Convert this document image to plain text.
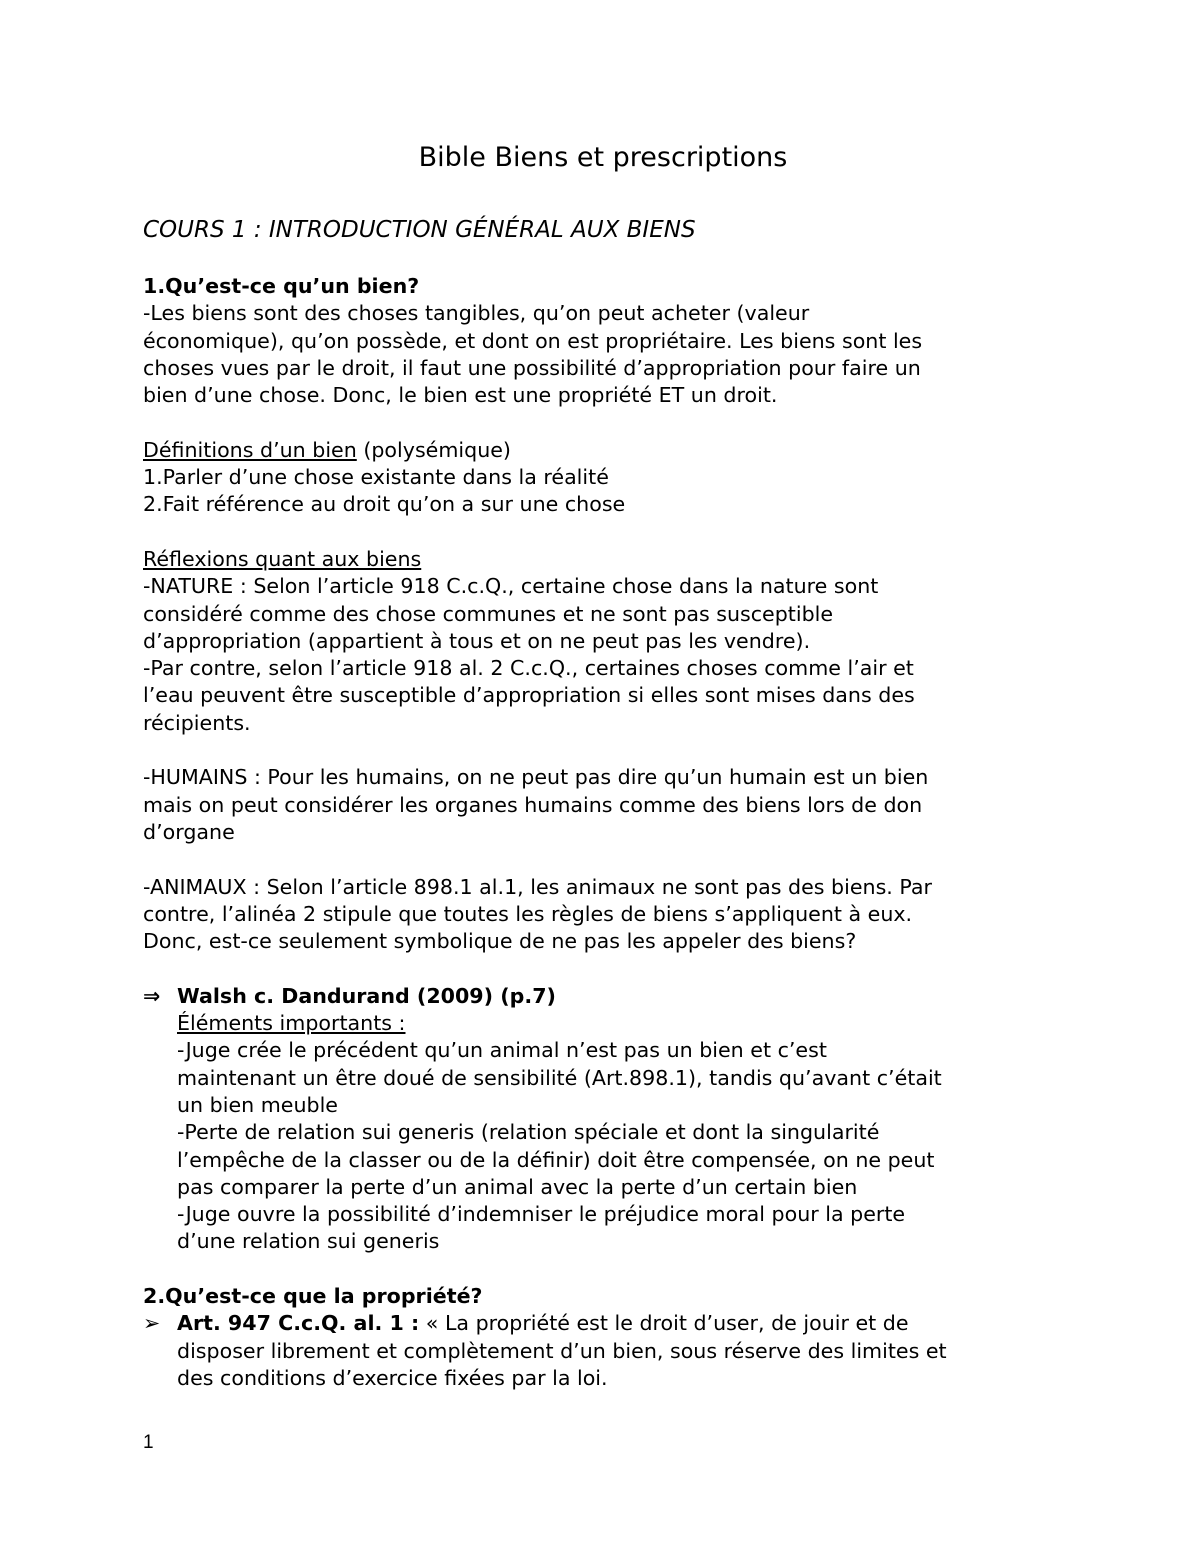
Bible Biens et prescriptions
COURS 1 : INTRODUCTION GÉNÉRAL AUX BIENS

1.Qu’est-ce qu’un bien?

-Les biens sont des choses tangibles, qu’on peut acheter (valeur

économique), qu’on possède, et dont on est propriétaire. Les biens sont les

choses vues par le droit, il faut une possibilité d’appropriation pour faire un

bien d’une chose. Donc, le bien est une propriété ET un droit.

Définitions d’un bien (polysémique)

1.Parler d’une chose existante dans la réalité

2.Fait référence au droit qu’on a sur une chose

Réflexions quant aux biens

-NATURE : Selon l’article 918 C.c.Q., certaine chose dans la nature sont

considéré comme des chose communes et ne sont pas susceptible

d’appropriation (appartient à tous et on ne peut pas les vendre).

-Par contre, selon l’article 918 al. 2 C.c.Q., certaines choses comme l’air et

l’eau peuvent être susceptible d’appropriation si elles sont mises dans des

récipients.

-HUMAINS : Pour les humains, on ne peut pas dire qu’un humain est un bien

mais on peut considérer les organes humains comme des biens lors de don

d’organe

-ANIMAUX : Selon l’article 898.1 al.1, les animaux ne sont pas des biens. Par

contre, l’alinéa 2 stipule que toutes les règles de biens s’appliquent à eux.

Donc, est-ce seulement symbolique de ne pas les appeler des biens?

⇒ Walsh c. Dandurand (2009) (p.7)

Éléments importants :

-Juge crée le précédent qu’un animal n’est pas un bien et c’est

maintenant un être doué de sensibilité (Art.898.1), tandis qu’avant c’était

un bien meuble

-Perte de relation sui generis (relation spéciale et dont la singularité

l’empêche de la classer ou de la définir) doit être compensée, on ne peut

pas comparer la perte d’un animal avec la perte d’un certain bien

-Juge ouvre la possibilité d’indemniser le préjudice moral pour la perte

d’une relation sui generis

2.Qu’est-ce que la propriété?

➢ Art. 947 C.c.Q. al. 1 : « La propriété est le droit d’user, de jouir et de

disposer librement et complètement d’un bien, sous réserve des limites et

des conditions d’exercice fixées par la loi.

1
